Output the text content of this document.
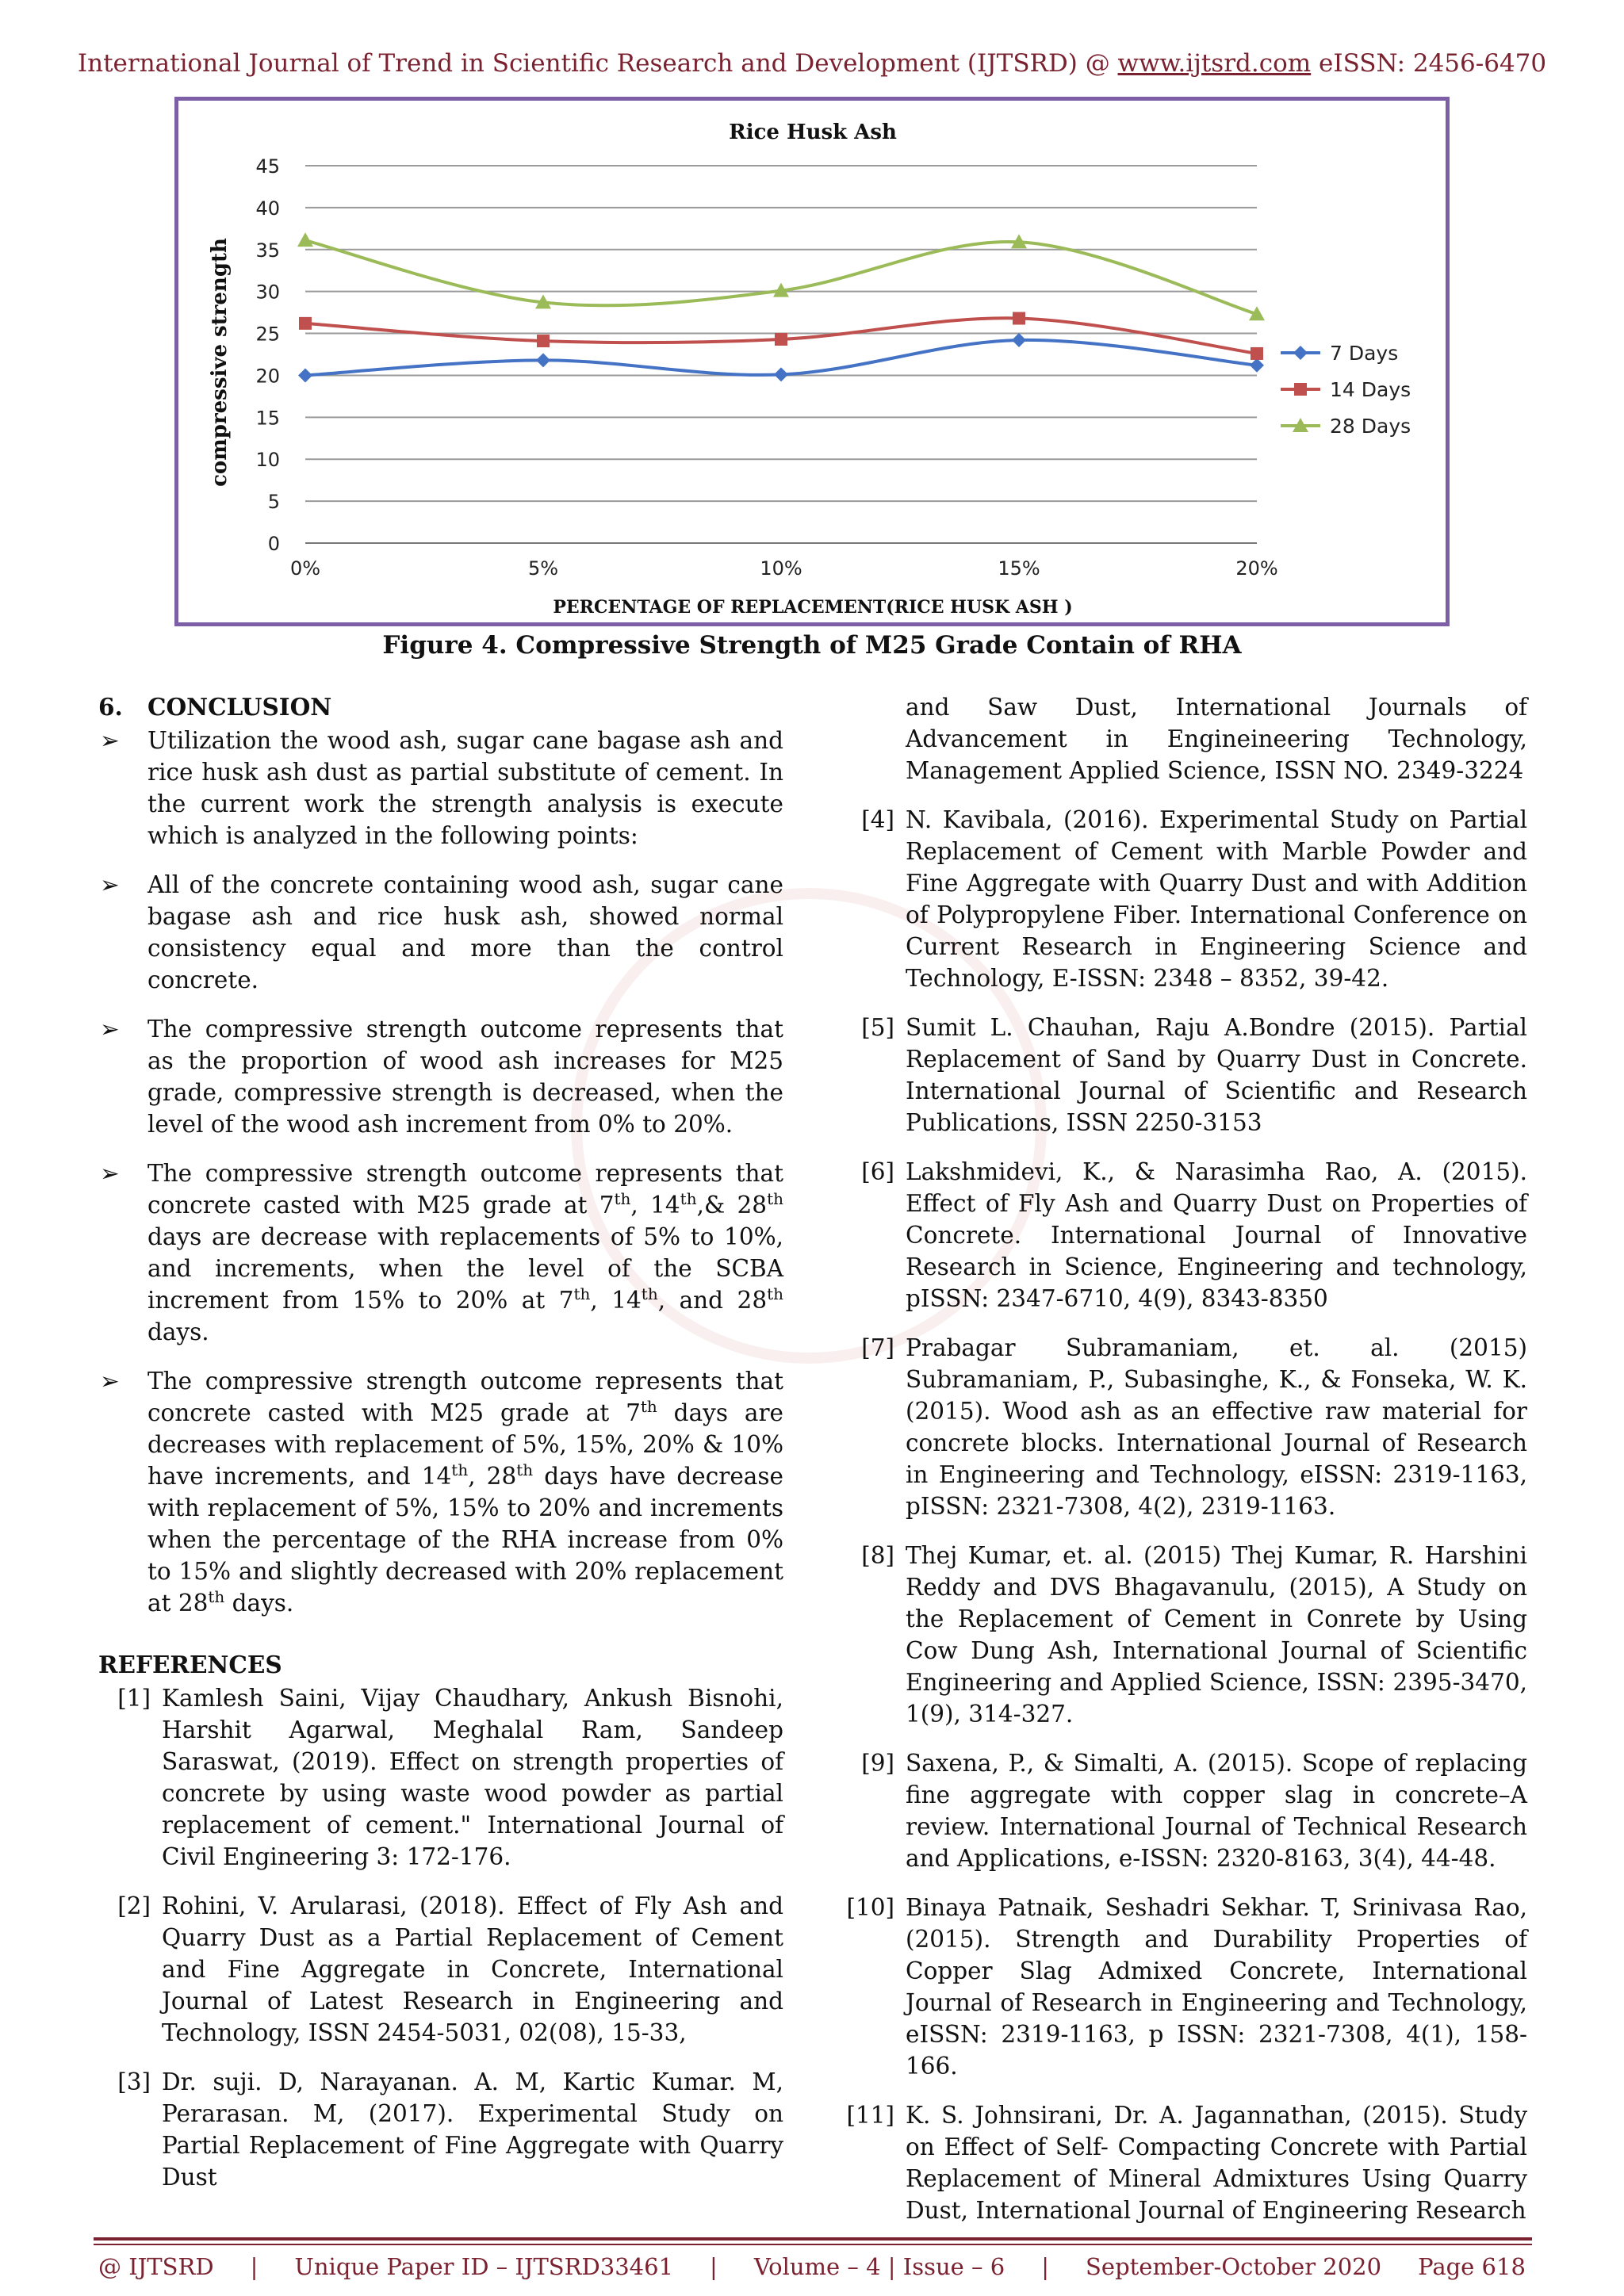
International Journal of Trend in Scientific Research and Development (IJTSRD) @ www.ijtsrd.com eISSN: 2456-6470
Rice Husk Ash
0
5
10
15
20
25
30
35
40
45
0%	5%	10%	15%	20%
PERCENTAGE OF REPLACEMENT(RICE HUSK ASH )
compressive strength	7 Days
14 Days
28 Days
Figure 4. Compressive Strength of M25 Grade Contain of RHA
6. CONCLUSION
➢ Utilization the wood ash, sugar cane bagase ash and rice husk ash dust as partial substitute of cement. In the current work the strength analysis is execute which is analyzed in the following points:
➢ All of the concrete containing wood ash, sugar cane bagase ash and rice husk ash, showed normal consistency equal and more than the control concrete.
➢ The compressive strength outcome represents that as the proportion of wood ash increases for M25 grade, compressive strength is decreased, when the level of the wood ash increment from 0% to 20%.
➢ The compressive strength outcome represents that concrete casted with M25 grade at 7th, 14th,& 28th days are decrease with replacements of 5% to 10%, and increments, when the level of the SCBA increment from 15% to 20% at 7th, 14th, and 28th days.
➢ The compressive strength outcome represents that concrete casted with M25 grade at 7th days are decreases with replacement of 5%, 15%, 20% & 10% have increments, and 14th, 28th days have decrease with replacement of 5%, 15% to 20% and increments when the percentage of the RHA increase from 0% to 15% and slightly decreased with 20% replacement at 28th days.
REFERENCES
[1] Kamlesh Saini, Vijay Chaudhary, Ankush Bisnohi, Harshit Agarwal, Meghalal Ram, Sandeep Saraswat, (2019). Effect on strength properties of concrete by using waste wood powder as partial replacement of cement." International Journal of Civil Engineering 3: 172-176.
[2] Rohini, V. Arularasi, (2018). Effect of Fly Ash and Quarry Dust as a Partial Replacement of Cement and Fine Aggregate in Concrete, International Journal of Latest Research in Engineering and Technology, ISSN 2454-5031, 02(08), 15-33,
[3] Dr. suji. D, Narayanan. A. M, Kartic Kumar. M, Perarasan. M, (2017). Experimental Study on Partial Replacement of Fine Aggregate with Quarry Dust
and Saw Dust, International Journals of Advancement in Engineineering Technology, Management Applied Science, ISSN NO. 2349-3224
[4] N. Kavibala, (2016). Experimental Study on Partial Replacement of Cement with Marble Powder and Fine Aggregate with Quarry Dust and with Addition of Polypropylene Fiber. International Conference on Current Research in Engineering Science and Technology, E-ISSN: 2348 – 8352, 39-42.
[5] Sumit L. Chauhan, Raju A.Bondre (2015). Partial Replacement of Sand by Quarry Dust in Concrete. International Journal of Scientific and Research Publications, ISSN 2250-3153
[6] Lakshmidevi, K., & Narasimha Rao, A. (2015). Effect of Fly Ash and Quarry Dust on Properties of Concrete. International Journal of Innovative Research in Science, Engineering and technology, pISSN: 2347-6710, 4(9), 8343-8350
[7] Prabagar Subramaniam, et. al. (2015) Subramaniam, P., Subasinghe, K., & Fonseka, W. K. (2015). Wood ash as an effective raw material for concrete blocks. International Journal of Research in Engineering and Technology, eISSN: 2319-1163, pISSN: 2321-7308, 4(2), 2319-1163.
[8] Thej Kumar, et. al. (2015) Thej Kumar, R. Harshini Reddy and DVS Bhagavanulu, (2015), A Study on the Replacement of Cement in Conrete by Using Cow Dung Ash, International Journal of Scientific Engineering and Applied Science, ISSN: 2395-3470, 1(9), 314-327.
[9] Saxena, P., & Simalti, A. (2015). Scope of replacing fine aggregate with copper slag in concrete–A review. International Journal of Technical Research and Applications, e-ISSN: 2320-8163, 3(4), 44-48.
[10] Binaya Patnaik, Seshadri Sekhar. T, Srinivasa Rao, (2015). Strength and Durability Properties of Copper Slag Admixed Concrete, International Journal of Research in Engineering and Technology, eISSN: 2319-1163, p ISSN: 2321-7308, 4(1), 158-166.
[11] K. S. Johnsirani, Dr. A. Jagannathan, (2015). Study on Effect of Self- Compacting Concrete with Partial Replacement of Mineral Admixtures Using Quarry Dust, International Journal of Engineering Research
@ IJTSRD | Unique Paper ID – IJTSRD33461 | Volume – 4 | Issue – 6 | September-October 2020 Page 618
